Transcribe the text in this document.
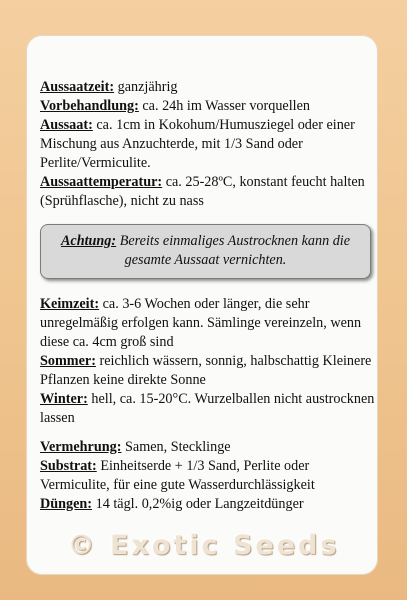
Aussaatzeit: ganzjährig

Vorbehandlung: ca. 24h im Wasser vorquellen

Aussaat: ca. 1cm in Kokohum/Humusziegel oder einer Mischung aus Anzuchterde, mit 1/3 Sand oder Perlite/Vermiculite.

Aussaattemperatur: ca. 25-28ºC, konstant feucht halten (Sprühflasche), nicht zu nass

Achtung: Bereits einmaliges Austrocknen kann die gesamte Aussaat vernichten.

Keimzeit: ca. 3-6 Wochen oder länger, die sehr unregelmäßig erfolgen kann. Sämlinge vereinzeln, wenn diese ca. 4cm groß sind

Sommer: reichlich wässern, sonnig, halbschattig Kleinere Pflanzen keine direkte Sonne

Winter: hell, ca. 15-20°C. Wurzelballen nicht austrocknen lassen

Vermehrung: Samen, Stecklinge

Substrat: Einheitserde + 1/3 Sand, Perlite oder Vermiculite, für eine gute Wasserdurchlässigkeit

Düngen: 14 tägl. 0,2%ig oder Langzeitdünger

© Exotic Seeds
